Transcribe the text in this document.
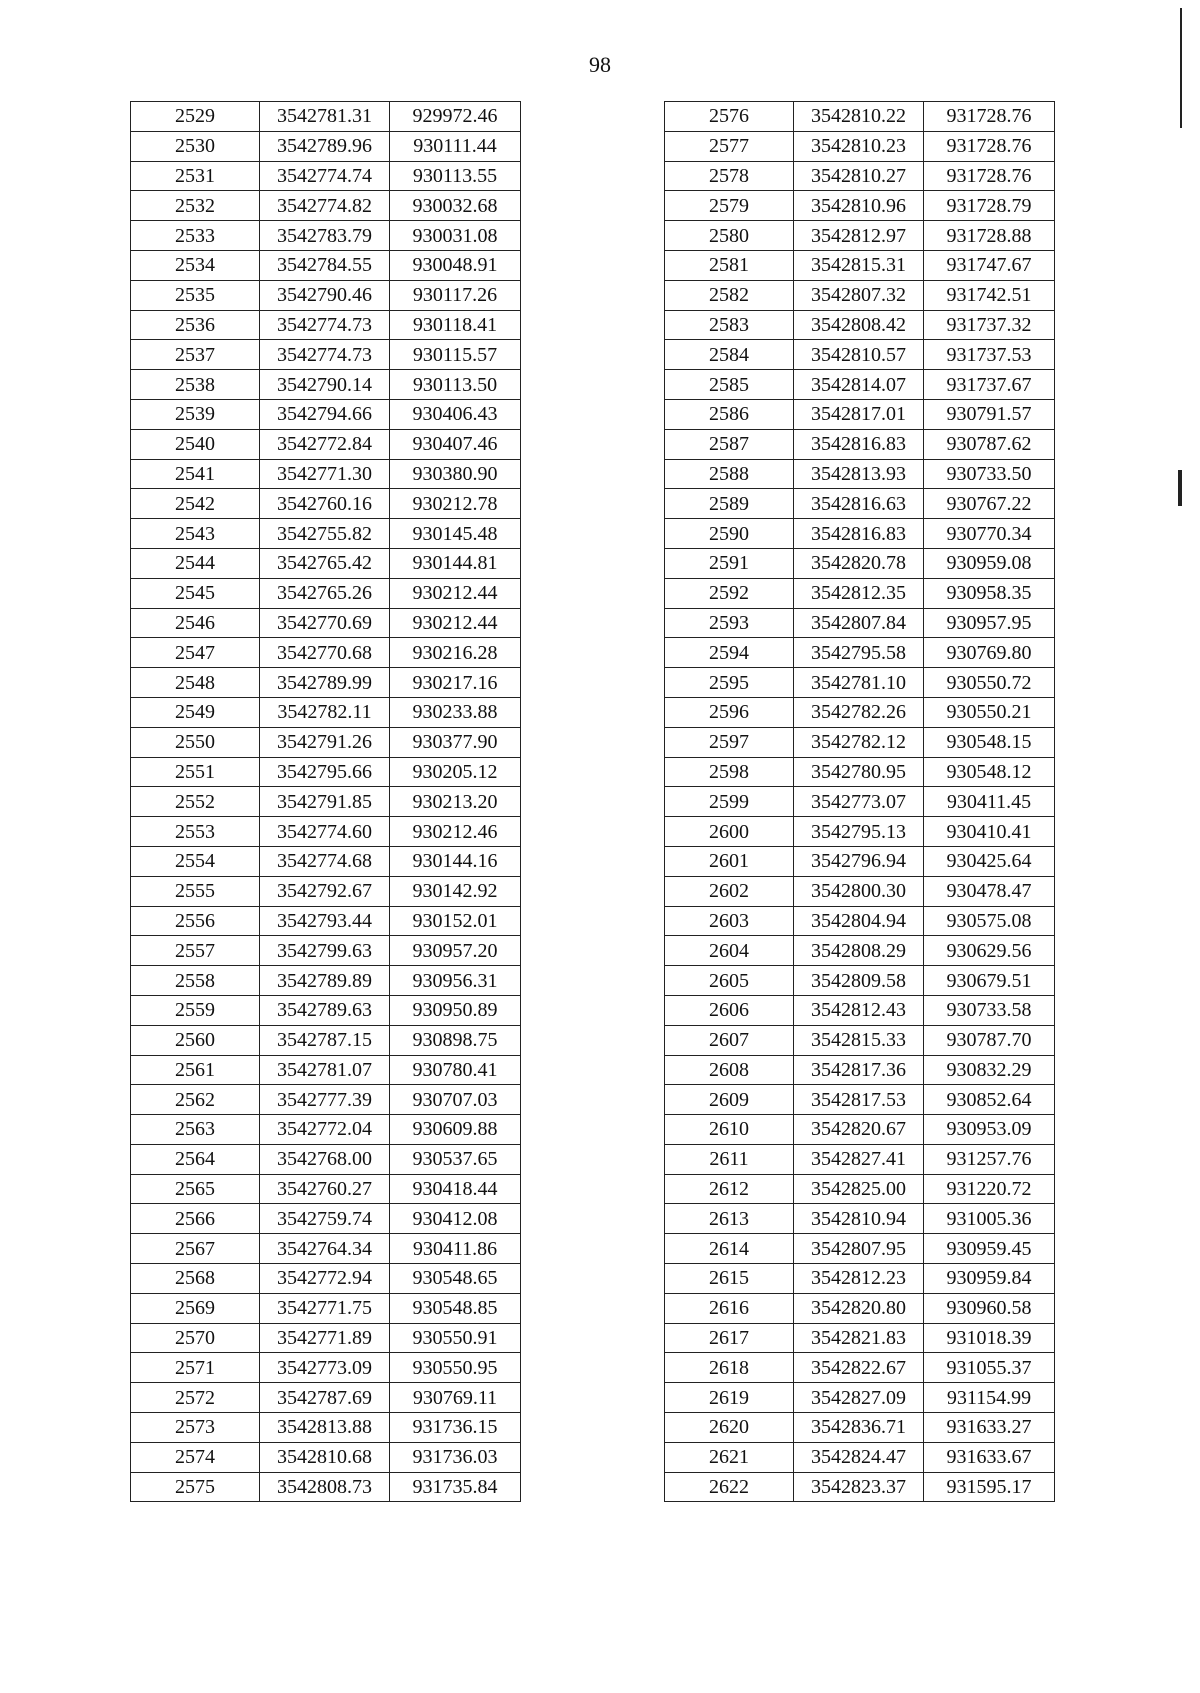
98
2529	3542781.31	929972.46
2530	3542789.96	930111.44
2531	3542774.74	930113.55
2532	3542774.82	930032.68
2533	3542783.79	930031.08
2534	3542784.55	930048.91
2535	3542790.46	930117.26
2536	3542774.73	930118.41
2537	3542774.73	930115.57
2538	3542790.14	930113.50
2539	3542794.66	930406.43
2540	3542772.84	930407.46
2541	3542771.30	930380.90
2542	3542760.16	930212.78
2543	3542755.82	930145.48
2544	3542765.42	930144.81
2545	3542765.26	930212.44
2546	3542770.69	930212.44
2547	3542770.68	930216.28
2548	3542789.99	930217.16
2549	3542782.11	930233.88
2550	3542791.26	930377.90
2551	3542795.66	930205.12
2552	3542791.85	930213.20
2553	3542774.60	930212.46
2554	3542774.68	930144.16
2555	3542792.67	930142.92
2556	3542793.44	930152.01
2557	3542799.63	930957.20
2558	3542789.89	930956.31
2559	3542789.63	930950.89
2560	3542787.15	930898.75
2561	3542781.07	930780.41
2562	3542777.39	930707.03
2563	3542772.04	930609.88
2564	3542768.00	930537.65
2565	3542760.27	930418.44
2566	3542759.74	930412.08
2567	3542764.34	930411.86
2568	3542772.94	930548.65
2569	3542771.75	930548.85
2570	3542771.89	930550.91
2571	3542773.09	930550.95
2572	3542787.69	930769.11
2573	3542813.88	931736.15
2574	3542810.68	931736.03
2575	3542808.73	931735.84
2576	3542810.22	931728.76
2577	3542810.23	931728.76
2578	3542810.27	931728.76
2579	3542810.96	931728.79
2580	3542812.97	931728.88
2581	3542815.31	931747.67
2582	3542807.32	931742.51
2583	3542808.42	931737.32
2584	3542810.57	931737.53
2585	3542814.07	931737.67
2586	3542817.01	930791.57
2587	3542816.83	930787.62
2588	3542813.93	930733.50
2589	3542816.63	930767.22
2590	3542816.83	930770.34
2591	3542820.78	930959.08
2592	3542812.35	930958.35
2593	3542807.84	930957.95
2594	3542795.58	930769.80
2595	3542781.10	930550.72
2596	3542782.26	930550.21
2597	3542782.12	930548.15
2598	3542780.95	930548.12
2599	3542773.07	930411.45
2600	3542795.13	930410.41
2601	3542796.94	930425.64
2602	3542800.30	930478.47
2603	3542804.94	930575.08
2604	3542808.29	930629.56
2605	3542809.58	930679.51
2606	3542812.43	930733.58
2607	3542815.33	930787.70
2608	3542817.36	930832.29
2609	3542817.53	930852.64
2610	3542820.67	930953.09
2611	3542827.41	931257.76
2612	3542825.00	931220.72
2613	3542810.94	931005.36
2614	3542807.95	930959.45
2615	3542812.23	930959.84
2616	3542820.80	930960.58
2617	3542821.83	931018.39
2618	3542822.67	931055.37
2619	3542827.09	931154.99
2620	3542836.71	931633.27
2621	3542824.47	931633.67
2622	3542823.37	931595.17
